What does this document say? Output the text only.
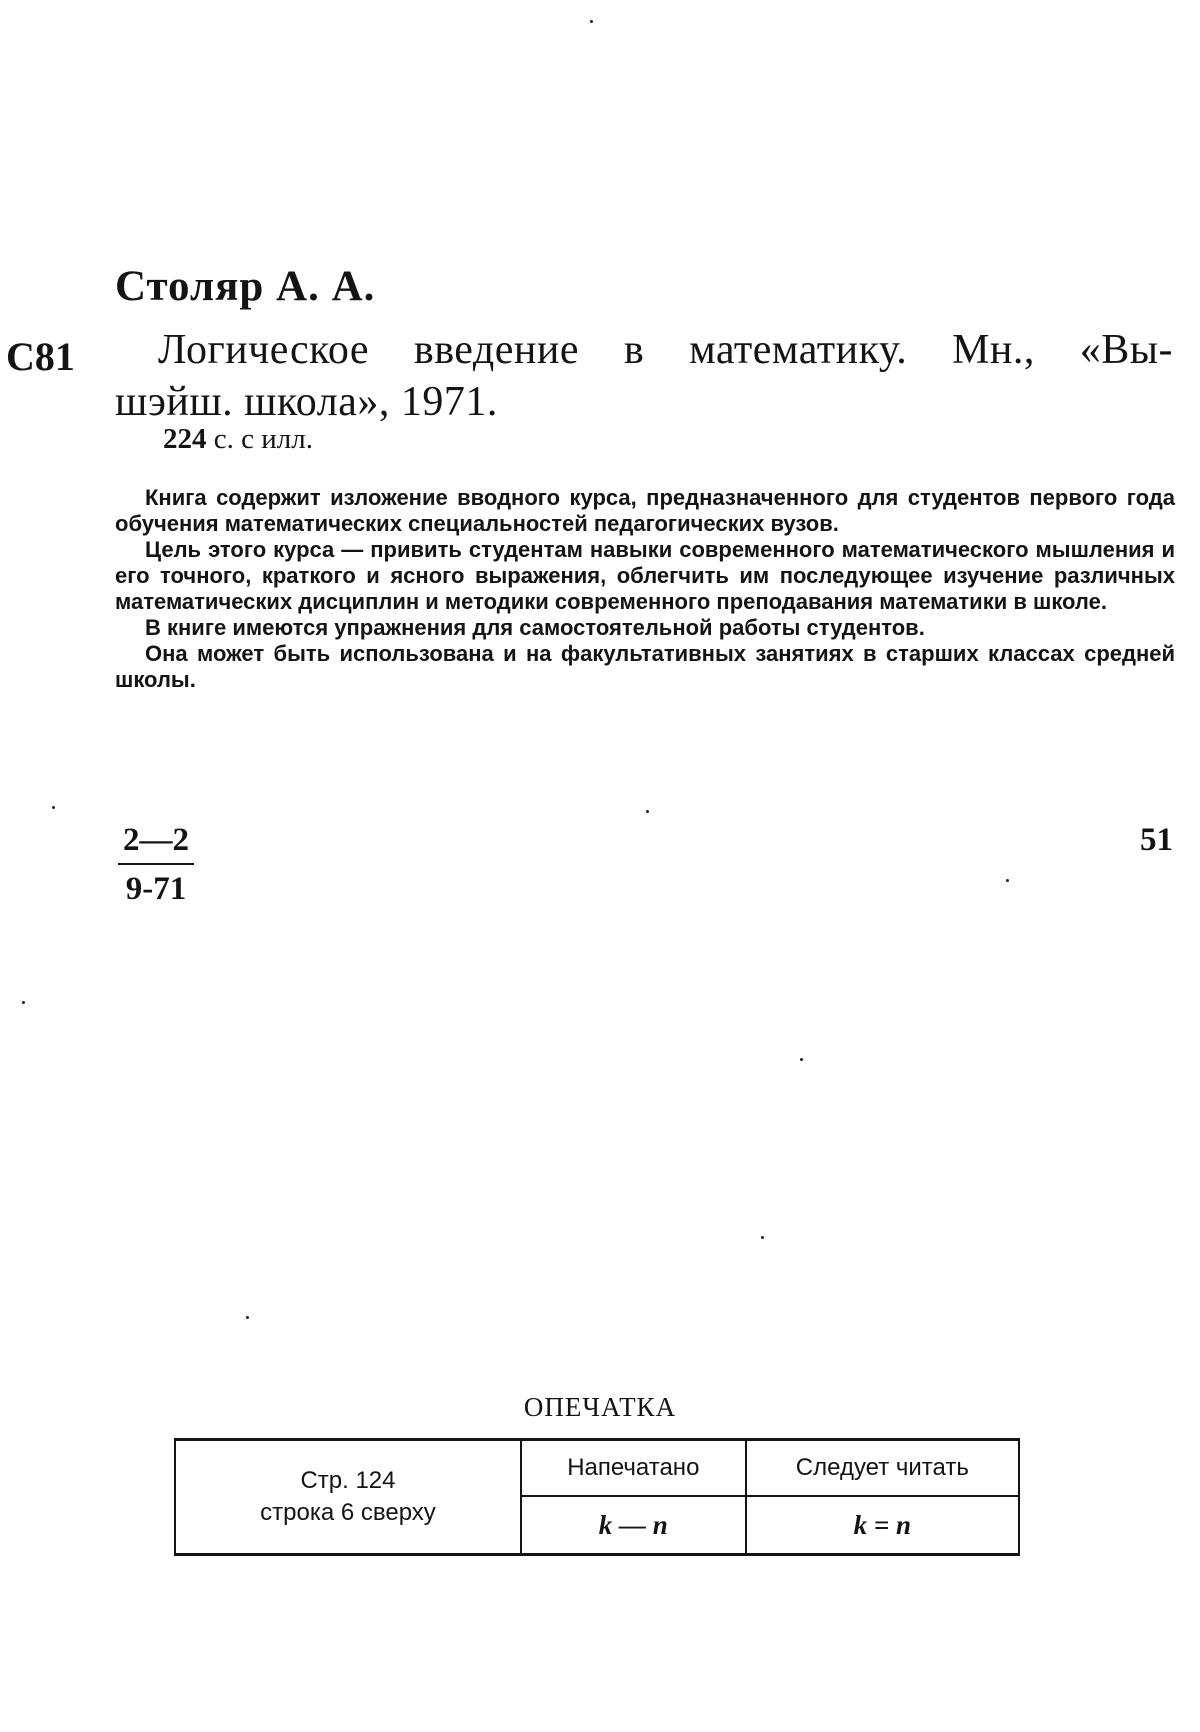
Столяр А. А.
С81 Логическое введение в математику. Мн., «Вы-
шэйш. школа», 1971.
224 с. с илл.

Книга содержит изложение вводного курса, предназначенного для студентов первого года обучения математических специальностей педагогических вузов.

Цель этого курса — привить студентам навыки современного математического мышления и его точного, краткого и ясного выражения, облегчить им последующее изучение различных математических дисциплин и методики современного преподавания математики в школе.

В книге имеются упражнения для самостоятельной работы студентов.

Она может быть использована и на факультативных занятиях в старших классах средней школы.

$\frac{2—2}{9-71}$	51
ОПЕЧАТКА
Стр. 124
строка 6 сверху	Напечатано	Следует читать
	k — n	k = n
